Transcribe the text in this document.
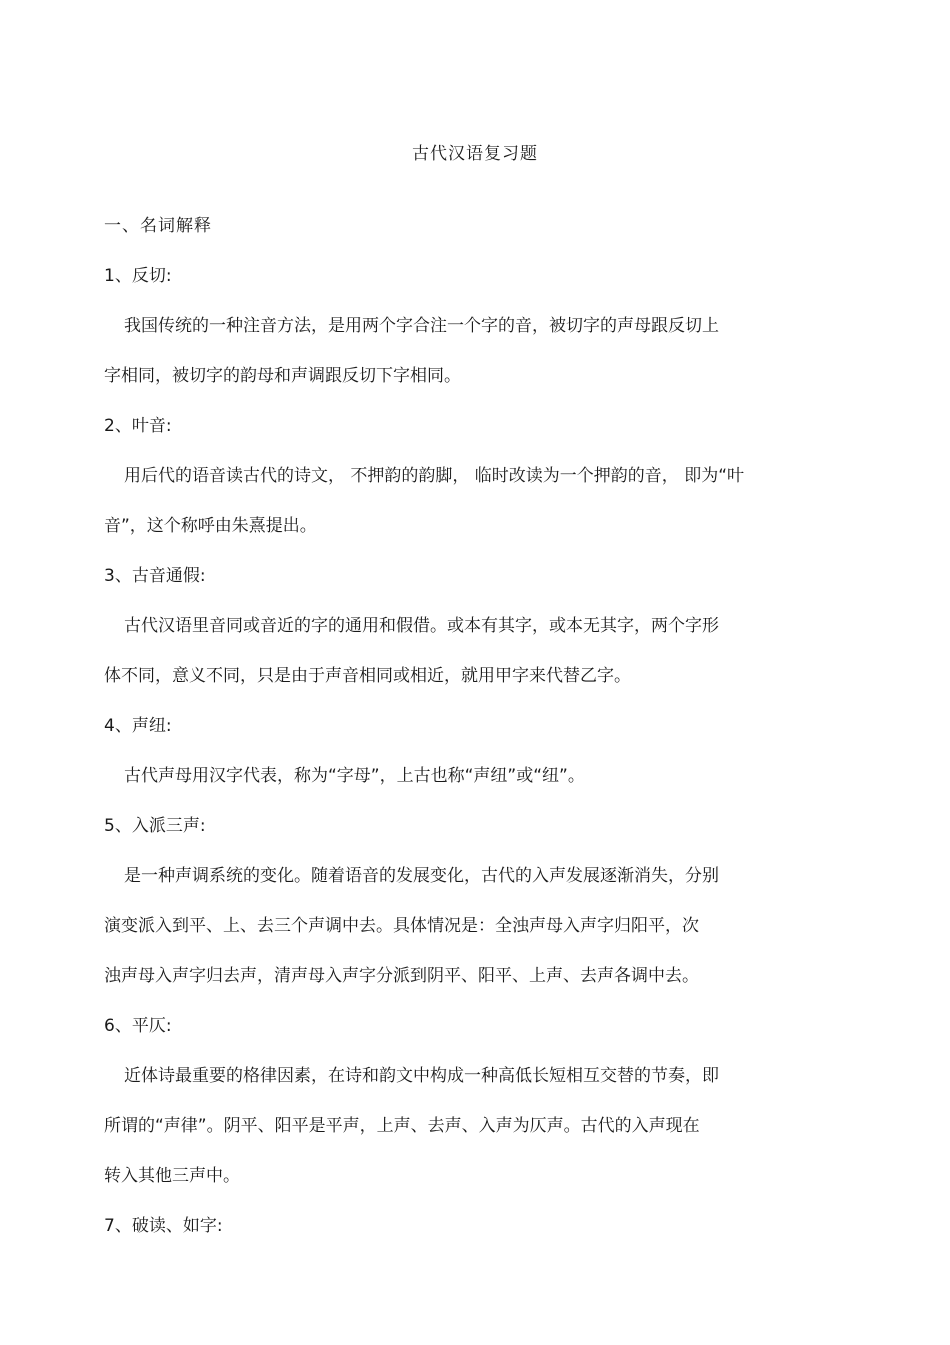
古代汉语复习题
一、名词解释
1、反切:
我国传统的一种注音方法，是用两个字合注一个字的音，被切字的声母跟反切上
字相同，被切字的韵母和声调跟反切下字相同。
2、叶音:
用后代的语音读古代的诗文， 不押韵的韵脚， 临时改读为一个押韵的音， 即为“叶
音”，这个称呼由朱熹提出。
3、古音通假:
古代汉语里音同或音近的字的通用和假借。或本有其字，或本无其字，两个字形
体不同，意义不同，只是由于声音相同或相近，就用甲字来代替乙字。
4、声纽:
古代声母用汉字代表，称为“字母”，上古也称“声纽”或“纽”。
5、入派三声:
是一种声调系统的变化。随着语音的发展变化，古代的入声发展逐渐消失，分别
演变派入到平、上、去三个声调中去。具体情况是：全浊声母入声字归阳平，次
浊声母入声字归去声，清声母入声字分派到阴平、阳平、上声、去声各调中去。
6、平仄:
近体诗最重要的格律因素，在诗和韵文中构成一种高低长短相互交替的节奏，即
所谓的“声律”。阴平、阳平是平声，上声、去声、入声为仄声。古代的入声现在
转入其他三声中。
7、破读、如字:
